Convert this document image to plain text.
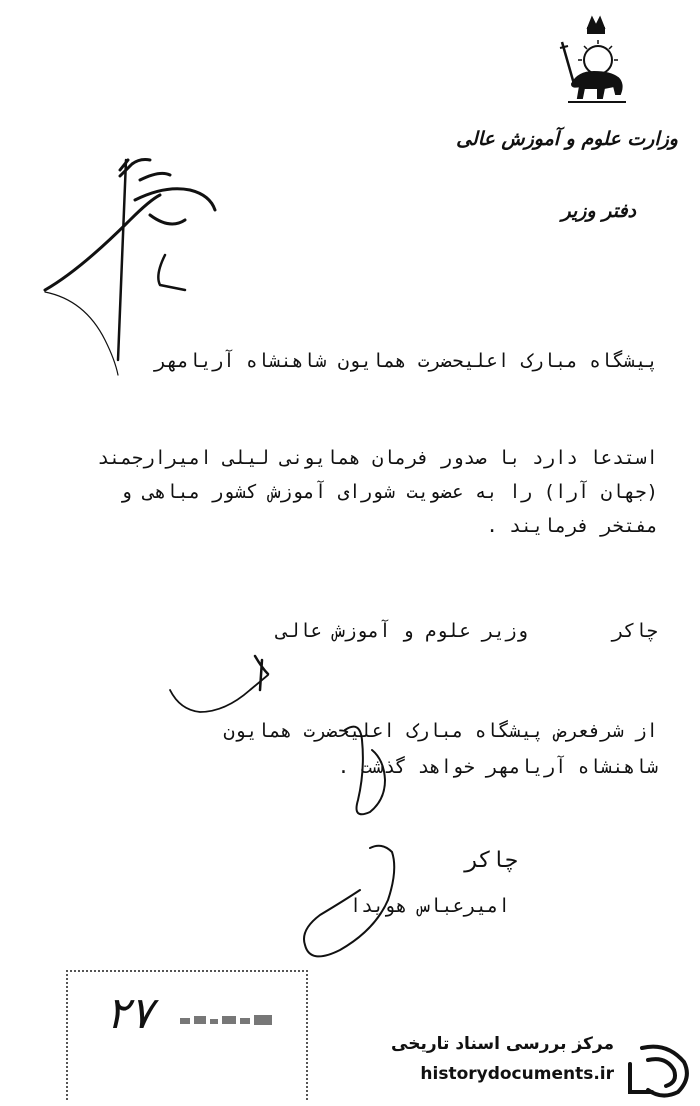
وزارت علوم و آموزش عالی
دفتر وزیر
پیشگاه مبارک اعلیحضرت همایون شاهنشاه آریامهر
استدعا دارد با صدور فرمان همایونی لیلی امیرارجمند
(جهان آرا) را به عضویت شورای آموزش کشور مباهی و
مفتخر فرمایند .
چاکر
وزیر علوم و آموزش عالی
از شرفعرض پیشگاه مبارک اعلیحضرت همایون
شاهنشاه آریامهر خواهد گذشت .
چاکر
امیرعباس هویدا
٢٧
مرکز بررسی اسناد تاریخی
historydocuments.ir
